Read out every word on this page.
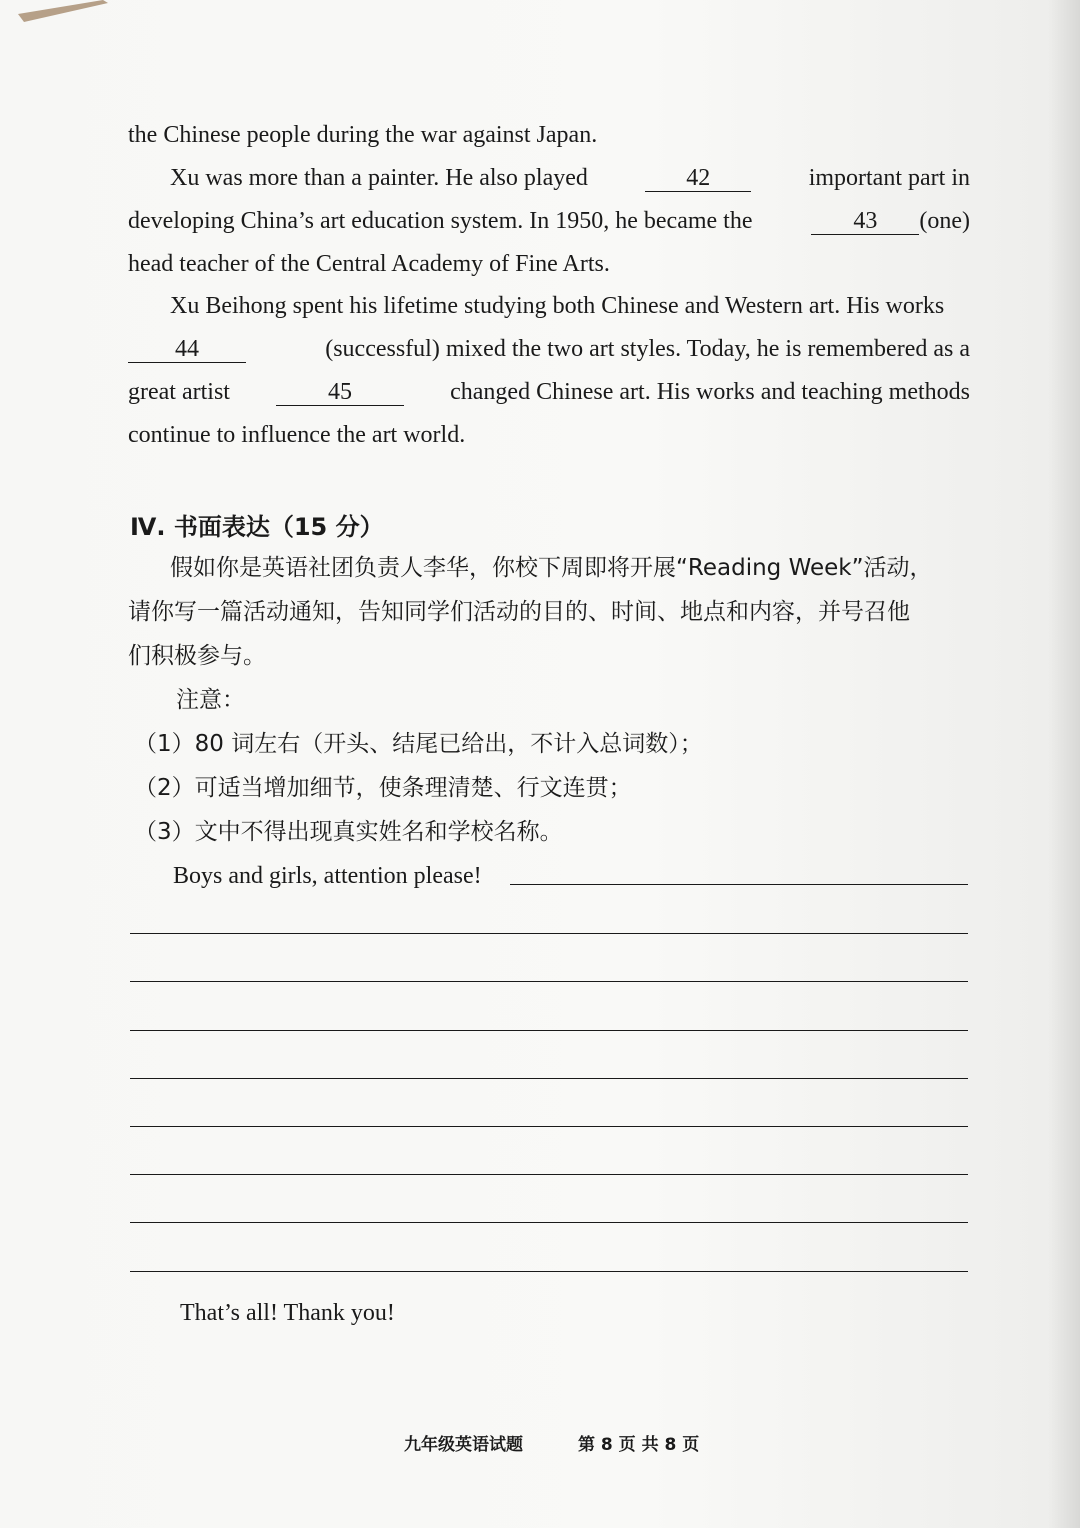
the Chinese people during the war against Japan.
Xu was more than a painter. He also played	42	important part in
developing China’s art education system. In 1950, he became the	43 (one)
head teacher of the Central Academy of Fine Arts.
Xu Beihong spent his lifetime studying both Chinese and Western art. His works
44	(successful) mixed the two art styles. Today, he is remembered as a
great artist	45	changed Chinese art. His works and teaching methods
continue to influence the art world.
Ⅳ. 书面表达（15 分）
假如你是英语社团负责人李华，你校下周即将开展“Reading Week”活动，
请你写一篇活动通知，告知同学们活动的目的、时间、地点和内容，并号召他
们积极参与。
注意：
（1）80 词左右（开头、结尾已给出，不计入总词数）；
（2）可适当增加细节，使条理清楚、行文连贯；
（3）文中不得出现真实姓名和学校名称。
Boys and girls, attention please!
That’s all! Thank you!
九年级英语试题	第 8 页 共 8 页
